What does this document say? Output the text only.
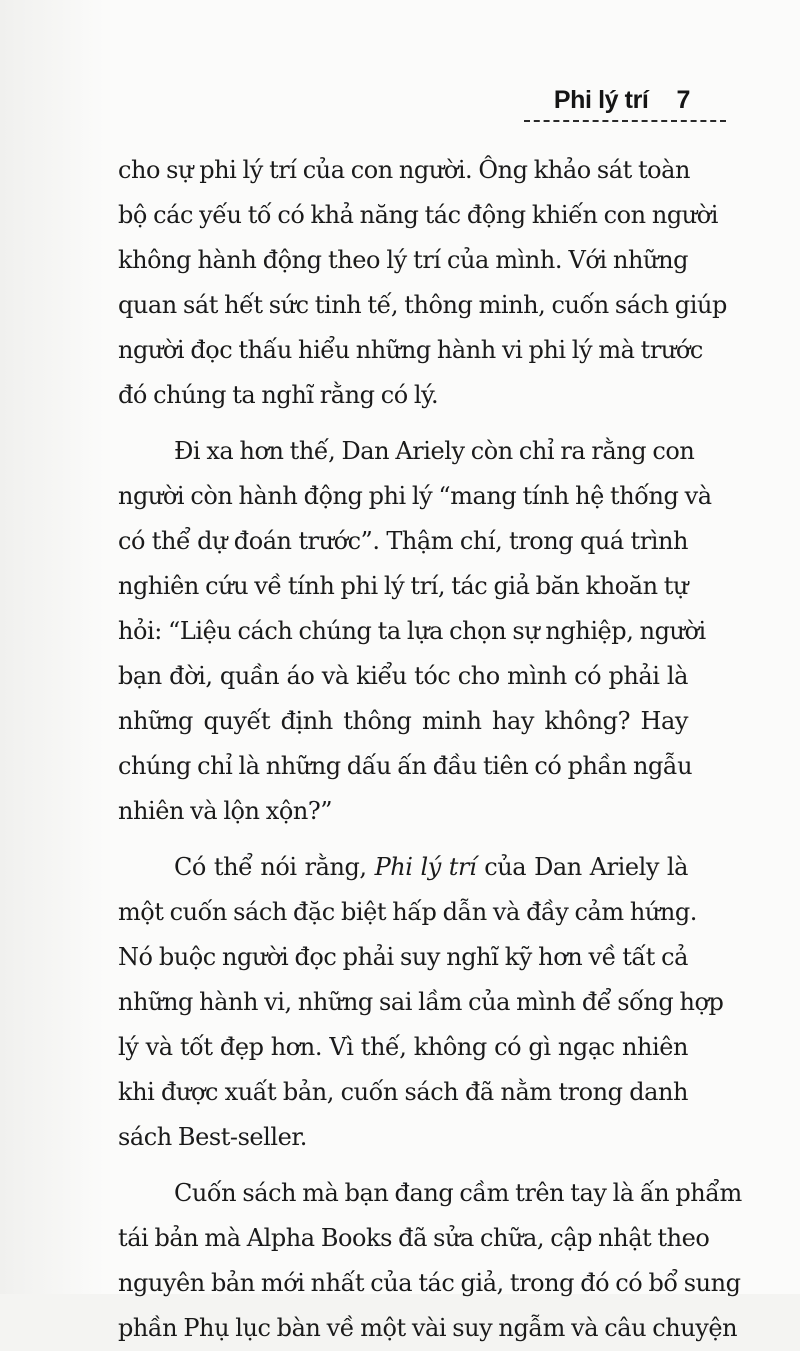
Phi lý trí 7
cho sự phi lý trí của con người. Ông khảo sát toàn
bộ các yếu tố có khả năng tác động khiến con người
không hành động theo lý trí của mình. Với những
quan sát hết sức tinh tế, thông minh, cuốn sách giúp
người đọc thấu hiểu những hành vi phi lý mà trước
đó chúng ta nghĩ rằng có lý.
Đi xa hơn thế, Dan Ariely còn chỉ ra rằng con
người còn hành động phi lý “mang tính hệ thống và
có thể dự đoán trước”. Thậm chí, trong quá trình
nghiên cứu về tính phi lý trí, tác giả băn khoăn tự
hỏi: “Liệu cách chúng ta lựa chọn sự nghiệp, người
bạn đời, quần áo và kiểu tóc cho mình có phải là
những quyết định thông minh hay không? Hay
chúng chỉ là những dấu ấn đầu tiên có phần ngẫu
nhiên và lộn xộn?”
Có thể nói rằng, Phi lý trí của Dan Ariely là
một cuốn sách đặc biệt hấp dẫn và đầy cảm hứng.
Nó buộc người đọc phải suy nghĩ kỹ hơn về tất cả
những hành vi, những sai lầm của mình để sống hợp
lý và tốt đẹp hơn. Vì thế, không có gì ngạc nhiên
khi được xuất bản, cuốn sách đã nằm trong danh
sách Best-seller.
Cuốn sách mà bạn đang cầm trên tay là ấn phẩm
tái bản mà Alpha Books đã sửa chữa, cập nhật theo
nguyên bản mới nhất của tác giả, trong đó có bổ sung
phần Phụ lục bàn về một vài suy ngẫm và câu chuyện
